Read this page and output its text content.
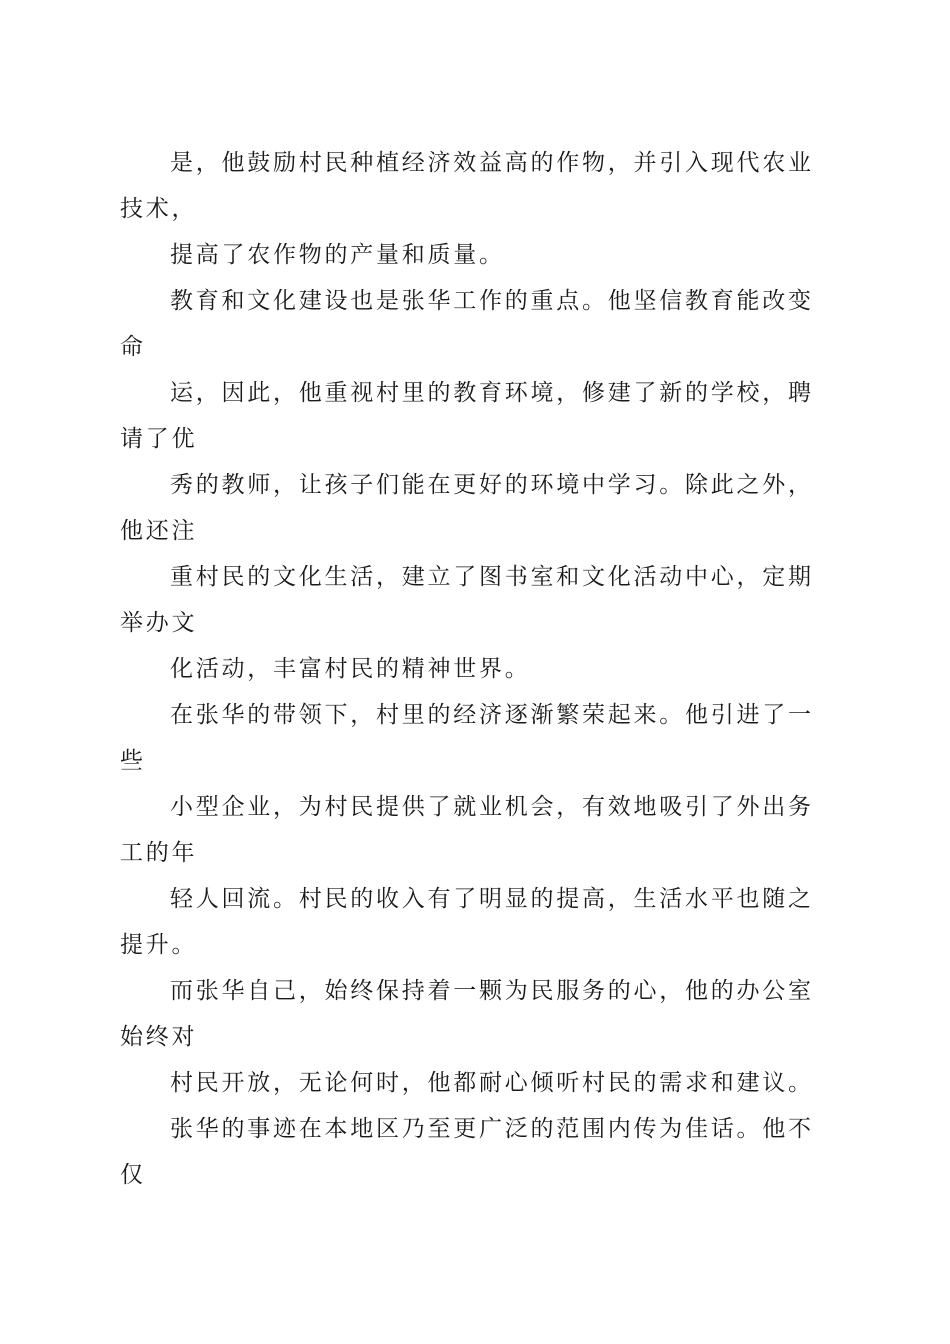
是，他鼓励村民种植经济效益高的作物，并引入现代农业
技术，
提高了农作物的产量和质量。
教育和文化建设也是张华工作的重点。他坚信教育能改变
命
运，因此，他重视村里的教育环境，修建了新的学校，聘
请了优
秀的教师，让孩子们能在更好的环境中学习。除此之外，
他还注
重村民的文化生活，建立了图书室和文化活动中心，定期
举办文
化活动，丰富村民的精神世界。
在张华的带领下，村里的经济逐渐繁荣起来。他引进了一
些
小型企业，为村民提供了就业机会，有效地吸引了外出务
工的年
轻人回流。村民的收入有了明显的提高，生活水平也随之
提升。
而张华自己，始终保持着一颗为民服务的心，他的办公室
始终对
村民开放，无论何时，他都耐心倾听村民的需求和建议。
张华的事迹在本地区乃至更广泛的范围内传为佳话。他不
仅
